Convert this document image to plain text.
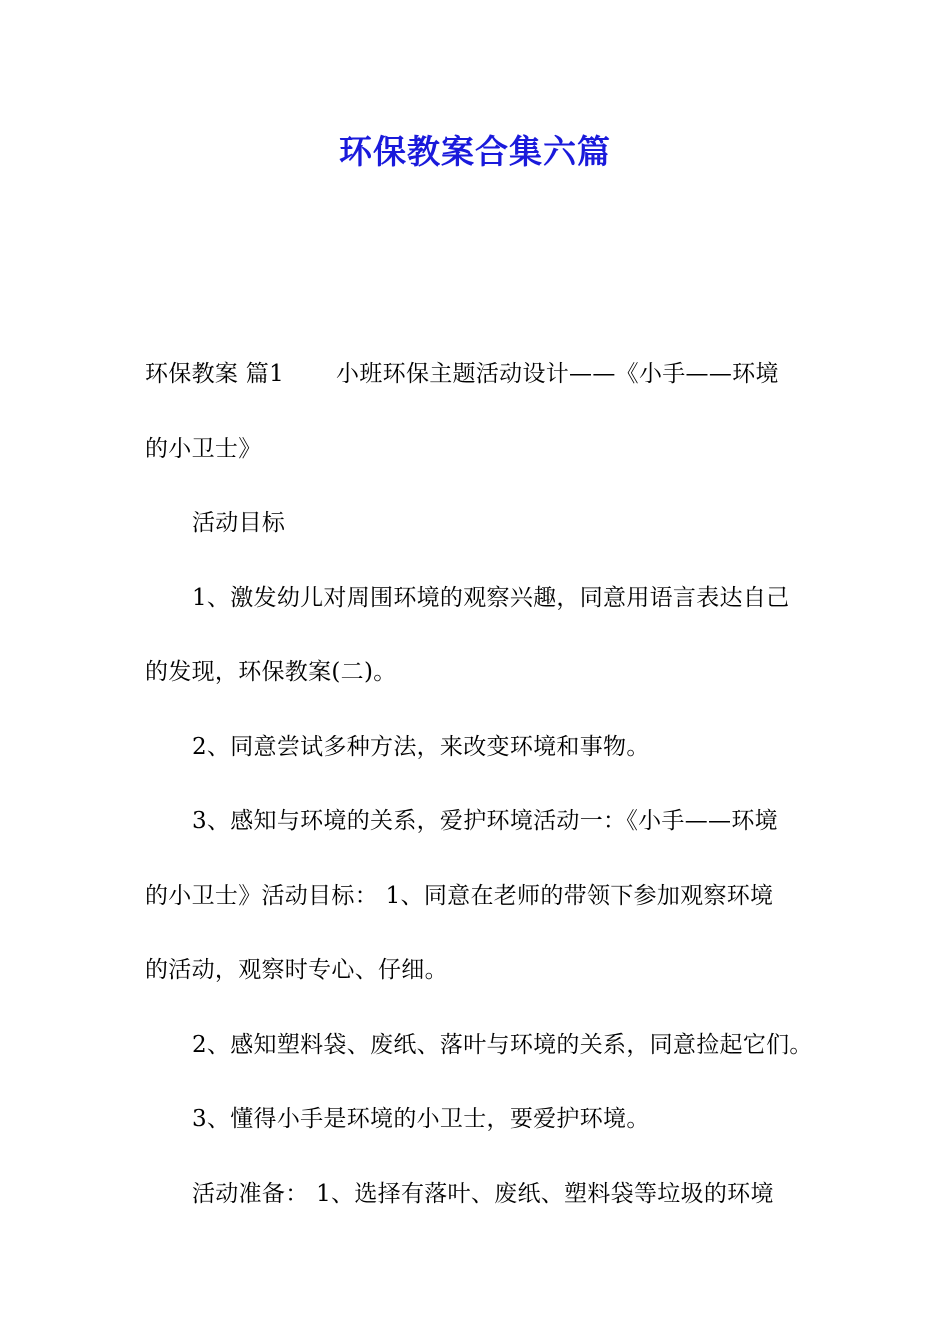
环保教案合集六篇

环保教案 篇1 小班环保主题活动设计——《小手——环境

的小卫士》

活动目标

1、激发幼儿对周围环境的观察兴趣，同意用语言表达自己

的发现，环保教案(二)。

2、同意尝试多种方法，来改变环境和事物。

3、感知与环境的关系，爱护环境活动一：《小手——环境

的小卫士》活动目标： 1、同意在老师的带领下参加观察环境

的活动，观察时专心、仔细。

2、感知塑料袋、废纸、落叶与环境的关系，同意捡起它们。

3、懂得小手是环境的小卫士，要爱护环境。

活动准备： 1、选择有落叶、废纸、塑料袋等垃圾的环境
